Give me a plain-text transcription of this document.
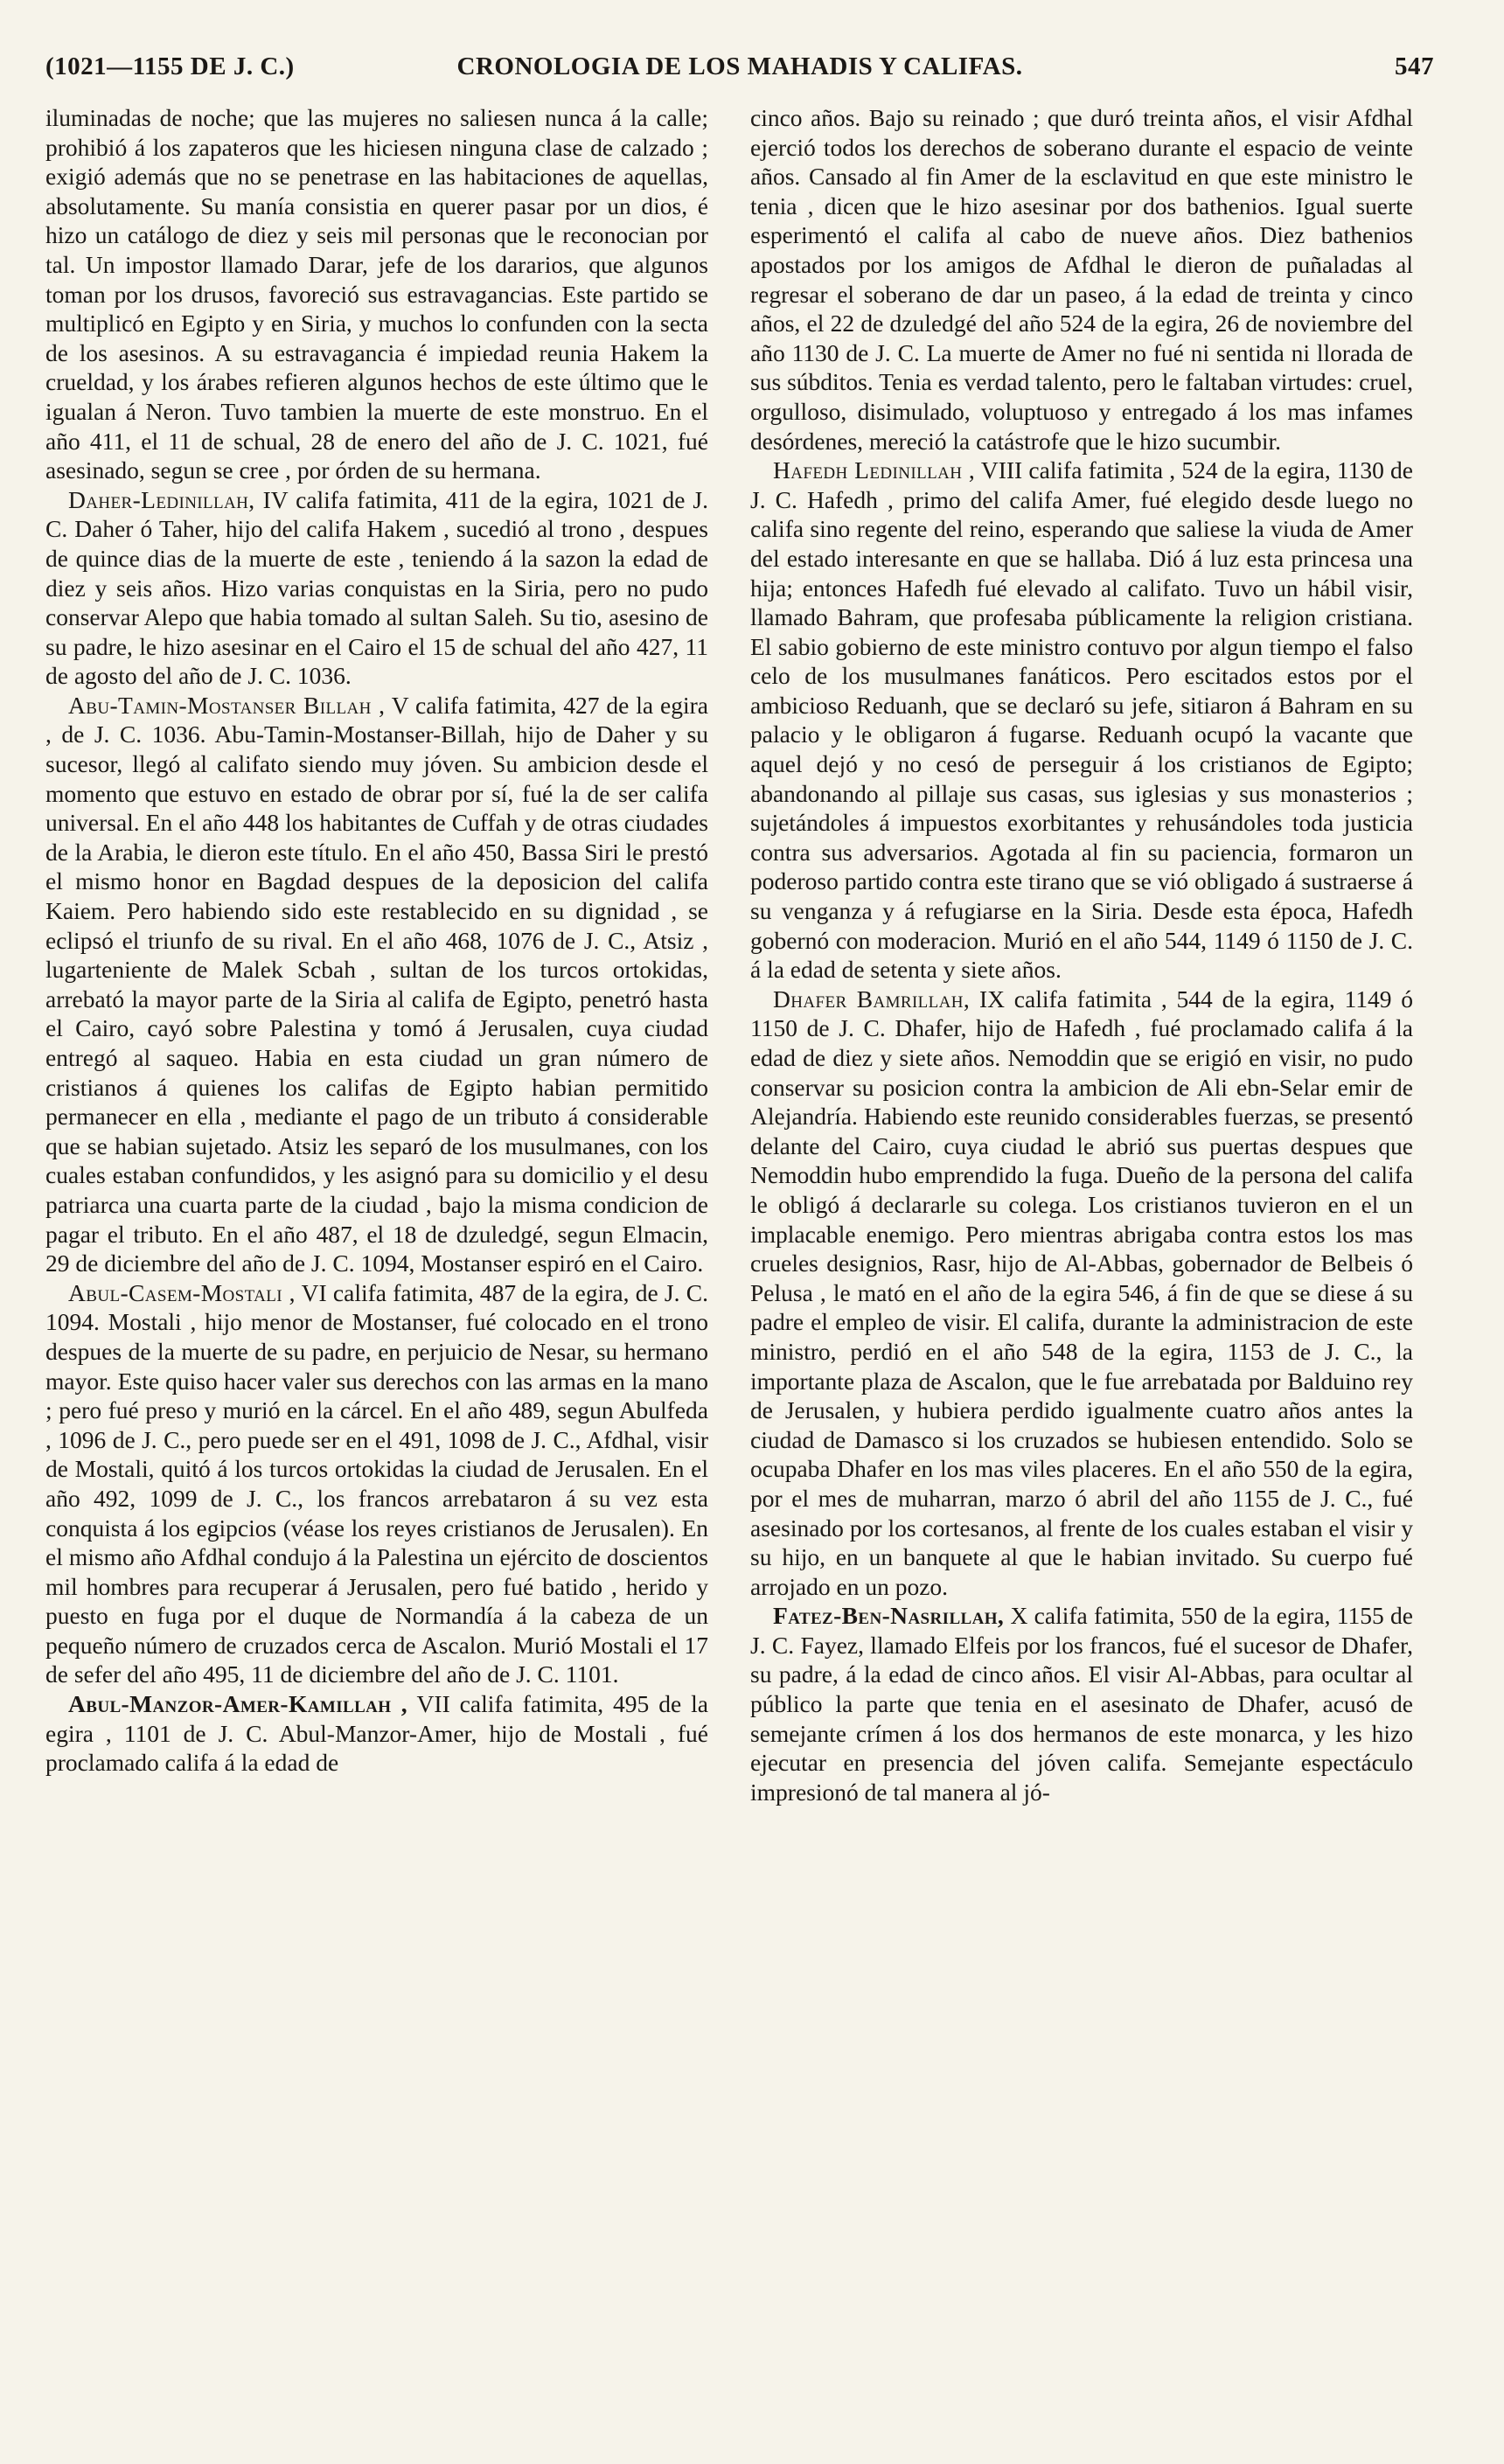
(1021—1155 DE J. C.)	CRONOLOGIA DE LOS MAHADIS Y CALIFAS.	547

iluminadas de noche; que las mujeres no saliesen nunca á la calle; prohibió á los zapateros que les hiciesen ninguna clase de calzado ; exigió además que no se penetrase en las habitaciones de aquellas, absolutamente. Su manía consistia en querer pasar por un dios, é hizo un catálogo de diez y seis mil personas que le reconocian por tal. Un impostor llamado Darar, jefe de los dararios, que algunos toman por los drusos, favoreció sus estravagancias. Este partido se multiplicó en Egipto y en Siria, y muchos lo confunden con la secta de los asesinos. A su estravagancia é impiedad reunia Hakem la crueldad, y los árabes refieren algunos hechos de este último que le igualan á Neron. Tuvo tambien la muerte de este monstruo. En el año 411, el 11 de schual, 28 de enero del año de J. C. 1021, fué asesinado, segun se cree , por órden de su hermana.

Daher-Ledinillah, IV califa fatimita, 411 de la egira, 1021 de J. C. Daher ó Taher, hijo del califa Hakem , sucedió al trono , despues de quince dias de la muerte de este , teniendo á la sazon la edad de diez y seis años. Hizo varias conquistas en la Siria, pero no pudo conservar Alepo que habia tomado al sultan Saleh. Su tio, asesino de su padre, le hizo asesinar en el Cairo el 15 de schual del año 427, 11 de agosto del año de J. C. 1036.

Abu-Tamin-Mostanser Billah , V califa fatimita, 427 de la egira , de J. C. 1036. Abu-Tamin-Mostanser-Billah, hijo de Daher y su sucesor, llegó al califato siendo muy jóven. Su ambicion desde el momento que estuvo en estado de obrar por sí, fué la de ser califa universal. En el año 448 los habitantes de Cuffah y de otras ciudades de la Arabia, le dieron este título. En el año 450, Bassa Siri le prestó el mismo honor en Bagdad despues de la deposicion del califa Kaiem. Pero habiendo sido este restablecido en su dignidad , se eclipsó el triunfo de su rival. En el año 468, 1076 de J. C., Atsiz , lugarteniente de Malek Scbah , sultan de los turcos ortokidas, arrebató la mayor parte de la Siria al califa de Egipto, penetró hasta el Cairo, cayó sobre Palestina y tomó á Jerusalen, cuya ciudad entregó al saqueo. Habia en esta ciudad un gran número de cristianos á quienes los califas de Egipto habian permitido permanecer en ella , mediante el pago de un tributo á considerable que se habian sujetado. Atsiz les separó de los musulmanes, con los cuales estaban confundidos, y les asignó para su domicilio y el desu patriarca una cuarta parte de la ciudad , bajo la misma condicion de pagar el tributo. En el año 487, el 18 de dzuledgé, segun Elmacin, 29 de diciembre del año de J. C. 1094, Mostanser espiró en el Cairo.

Abul-Casem-Mostali , VI califa fatimita, 487 de la egira, de J. C. 1094. Mostali , hijo menor de Mostanser, fué colocado en el trono despues de la muerte de su padre, en perjuicio de Nesar, su hermano mayor. Este quiso hacer valer sus derechos con las armas en la mano ; pero fué preso y murió en la cárcel. En el año 489, segun Abulfeda , 1096 de J. C., pero puede ser en el 491, 1098 de J. C., Afdhal, visir de Mostali, quitó á los turcos ortokidas la ciudad de Jerusalen. En el año 492, 1099 de J. C., los francos arrebataron á su vez esta conquista á los egipcios (véase los reyes cristianos de Jerusalen). En el mismo año Afdhal condujo á la Palestina un ejército de doscientos mil hombres para recuperar á Jerusalen, pero fué batido , herido y puesto en fuga por el duque de Normandía á la cabeza de un pequeño número de cruzados cerca de Ascalon. Murió Mostali el 17 de sefer del año 495, 11 de diciembre del año de J. C. 1101.

Abul-Manzor-Amer-Kamillah , VII califa fatimita, 495 de la egira , 1101 de J. C. Abul-Manzor-Amer, hijo de Mostali , fué proclamado califa á la edad de

cinco años. Bajo su reinado ; que duró treinta años, el visir Afdhal ejerció todos los derechos de soberano durante el espacio de veinte años. Cansado al fin Amer de la esclavitud en que este ministro le tenia , dicen que le hizo asesinar por dos bathenios. Igual suerte esperimentó el califa al cabo de nueve años. Diez bathenios apostados por los amigos de Afdhal le dieron de puñaladas al regresar el soberano de dar un paseo, á la edad de treinta y cinco años, el 22 de dzuledgé del año 524 de la egira, 26 de noviembre del año 1130 de J. C. La muerte de Amer no fué ni sentida ni llorada de sus súbditos. Tenia es verdad talento, pero le faltaban virtudes: cruel, orgulloso, disimulado, voluptuoso y entregado á los mas infames desórdenes, mereció la catástrofe que le hizo sucumbir.

Hafedh Ledinillah , VIII califa fatimita , 524 de la egira, 1130 de J. C. Hafedh , primo del califa Amer, fué elegido desde luego no califa sino regente del reino, esperando que saliese la viuda de Amer del estado interesante en que se hallaba. Dió á luz esta princesa una hija; entonces Hafedh fué elevado al califato. Tuvo un hábil visir, llamado Bahram, que profesaba públicamente la religion cristiana. El sabio gobierno de este ministro contuvo por algun tiempo el falso celo de los musulmanes fanáticos. Pero escitados estos por el ambicioso Reduanh, que se declaró su jefe, sitiaron á Bahram en su palacio y le obligaron á fugarse. Reduanh ocupó la vacante que aquel dejó y no cesó de perseguir á los cristianos de Egipto; abandonando al pillaje sus casas, sus iglesias y sus monasterios ; sujetándoles á impuestos exorbitantes y rehusándoles toda justicia contra sus adversarios. Agotada al fin su paciencia, formaron un poderoso partido contra este tirano que se vió obligado á sustraerse á su venganza y á refugiarse en la Siria. Desde esta época, Hafedh gobernó con moderacion. Murió en el año 544, 1149 ó 1150 de J. C. á la edad de setenta y siete años.

Dhafer Bamrillah, IX califa fatimita , 544 de la egira, 1149 ó 1150 de J. C. Dhafer, hijo de Hafedh , fué proclamado califa á la edad de diez y siete años. Nemoddin que se erigió en visir, no pudo conservar su posicion contra la ambicion de Ali ebn-Selar emir de Alejandría. Habiendo este reunido considerables fuerzas, se presentó delante del Cairo, cuya ciudad le abrió sus puertas despues que Nemoddin hubo emprendido la fuga. Dueño de la persona del califa le obligó á declararle su colega. Los cristianos tuvieron en el un implacable enemigo. Pero mientras abrigaba contra estos los mas crueles designios, Rasr, hijo de Al-Abbas, gobernador de Belbeis ó Pelusa , le mató en el año de la egira 546, á fin de que se diese á su padre el empleo de visir. El califa, durante la administracion de este ministro, perdió en el año 548 de la egira, 1153 de J. C., la importante plaza de Ascalon, que le fue arrebatada por Balduino rey de Jerusalen, y hubiera perdido igualmente cuatro años antes la ciudad de Damasco si los cruzados se hubiesen entendido. Solo se ocupaba Dhafer en los mas viles placeres. En el año 550 de la egira, por el mes de muharran, marzo ó abril del año 1155 de J. C., fué asesinado por los cortesanos, al frente de los cuales estaban el visir y su hijo, en un banquete al que le habian invitado. Su cuerpo fué arrojado en un pozo.

Fatez-Ben-Nasrillah, X califa fatimita, 550 de la egira, 1155 de J. C. Fayez, llamado Elfeis por los francos, fué el sucesor de Dhafer, su padre, á la edad de cinco años. El visir Al-Abbas, para ocultar al público la parte que tenia en el asesinato de Dhafer, acusó de semejante crímen á los dos hermanos de este monarca, y les hizo ejecutar en presencia del jóven califa. Semejante espectáculo impresionó de tal manera al jó-
